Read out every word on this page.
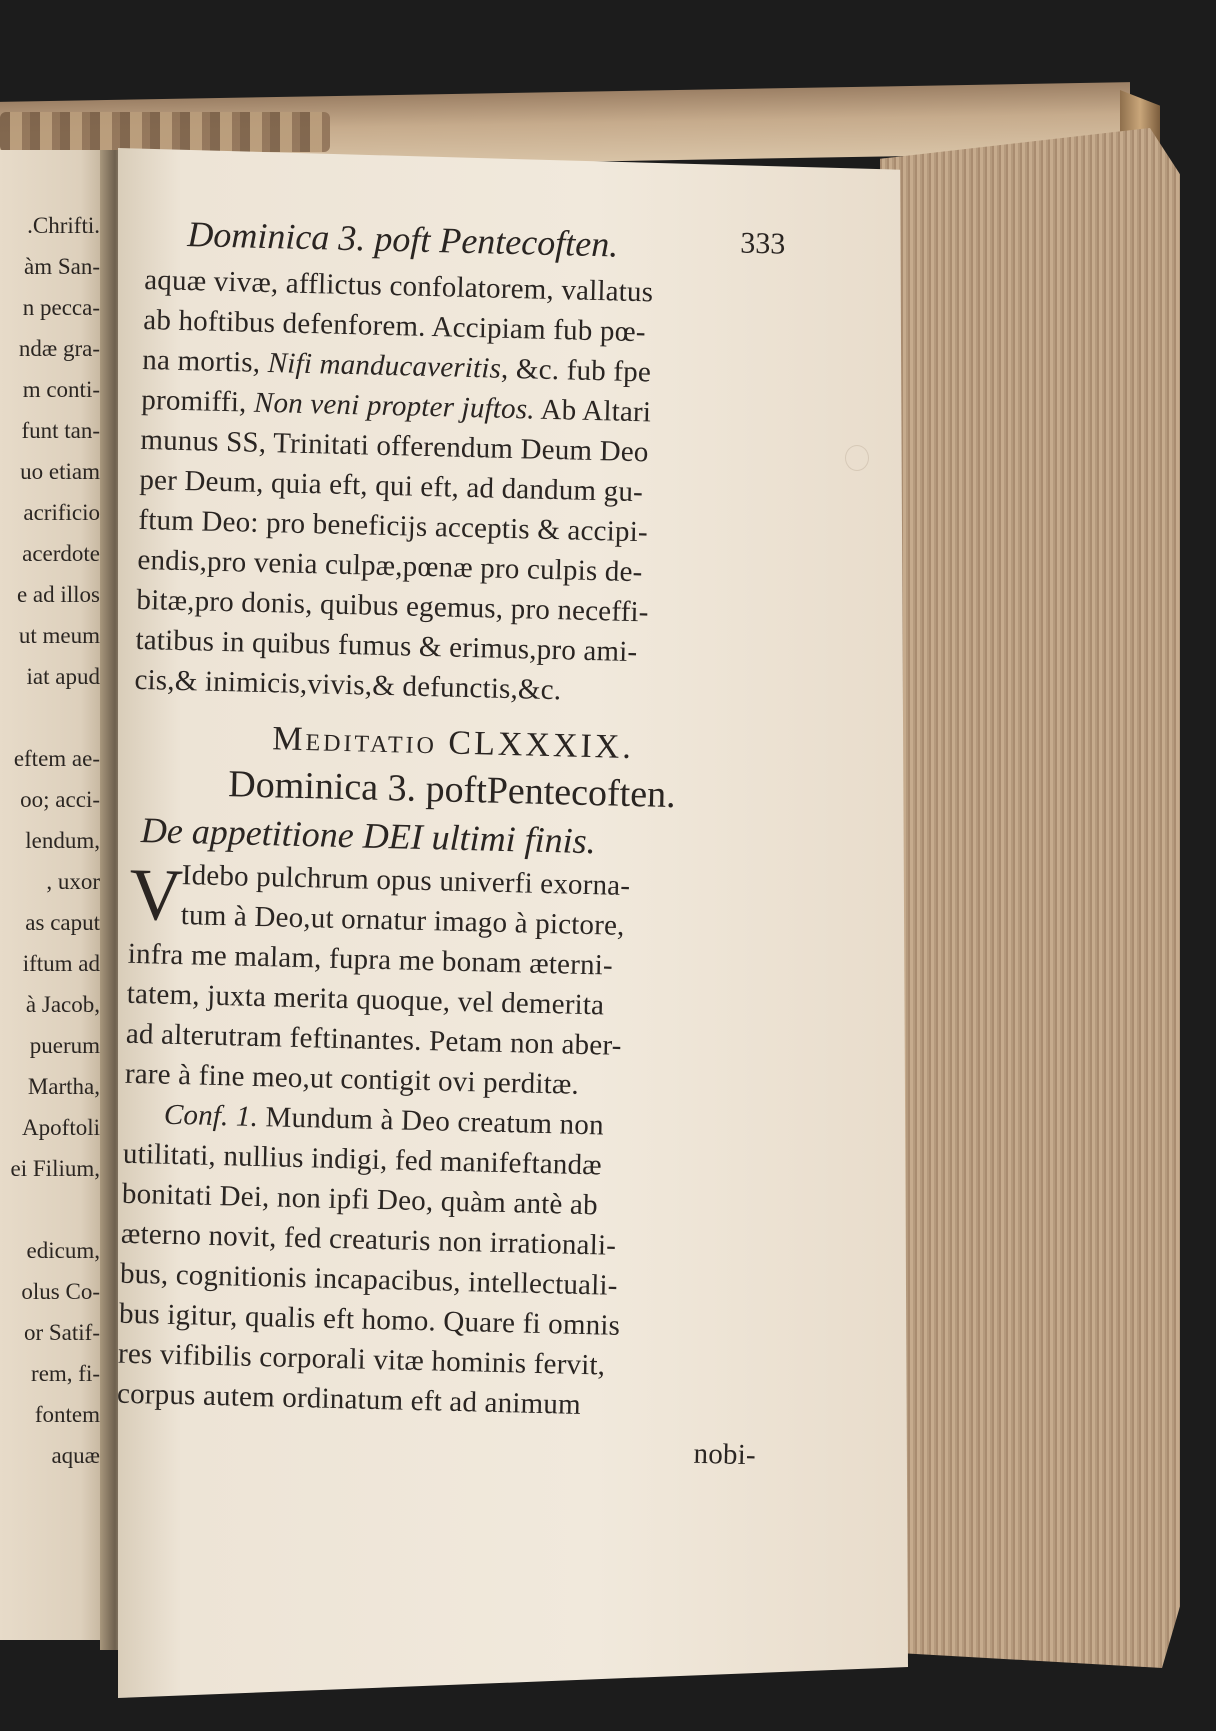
.Chrifti.
àm San-
n pecca-
ndæ gra-
m conti-
funt tan-
uo etiam
acrificio
acerdote
e ad illos
ut meum
iat apud
eftem ae-
oo; acci-
lendum,
, uxor
as caput
iftum ad
à Jacob,
puerum
Martha,
Apoftoli
ei Filium,
edicum,
olus Co-
or Satif-
rem, fi-
fontem
aquæ
Dominica 3. poft Pentecoften.	333
aquæ vivæ, afflictus confolatorem, vallatus
ab hoftibus defenforem. Accipiam fub pœ-
na mortis, Nifi manducaveritis, &c. fub fpe
promiffi, Non veni propter juftos. Ab Altari
munus SS, Trinitati offerendum Deum Deo
per Deum, quia eft, qui eft, ad dandum gu-
ftum Deo: pro beneficijs acceptis & accipi-
endis,pro venia culpæ,pœnæ pro culpis de-
bitæ,pro donis, quibus egemus, pro neceffi-
tatibus in quibus fumus & erimus,pro ami-
cis,& inimicis,vivis,& defunctis,&c.
Meditatio CLXXXIX.
Dominica 3. poftPentecoften.
De appetitione DEI ultimi finis.
V
Idebo pulchrum opus univerfi exorna-
tum à Deo,ut ornatur imago à pictore,
infra me malam, fupra me bonam æterni-
tatem, juxta merita quoque, vel demerita
ad alterutram feftinantes. Petam non aber-
rare à fine meo,ut contigit ovi perditæ.
Conf. 1. Mundum à Deo creatum non
utilitati, nullius indigi, fed manifeftandæ
bonitati Dei, non ipfi Deo, quàm antè ab
æterno novit, fed creaturis non irrationali-
bus, cognitionis incapacibus, intellectuali-
bus igitur, qualis eft homo. Quare fi omnis
res vifibilis corporali vitæ hominis fervit,
corpus autem ordinatum eft ad animum
nobi-
